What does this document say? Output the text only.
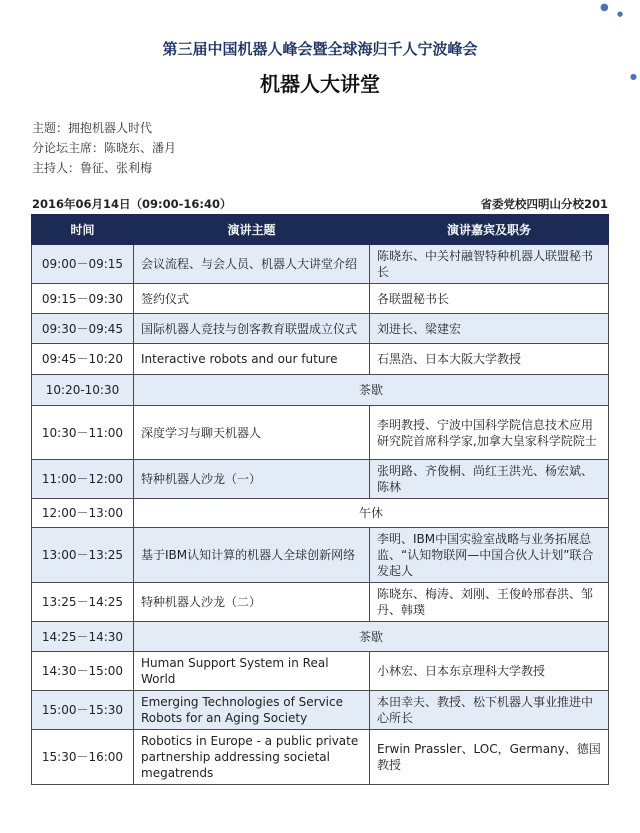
●
●
●
第三届中国机器人峰会暨全球海归千人宁波峰会
机器人大讲堂
主题：拥抱机器人时代
分论坛主席：陈晓东、潘月
主持人：鲁征、张利梅
2016年06月14日（09:00-16:40）	省委党校四明山分校201
时间	演讲主题	演讲嘉宾及职务
09:00－09:15	会议流程、与会人员、机器人大讲堂介绍	陈晓东、中关村融智特种机器人联盟秘书长
09:15－09:30	签约仪式	各联盟秘书长
09:30－09:45	国际机器人竞技与创客教育联盟成立仪式	刘进长、梁建宏
09:45－10:20	Interactive robots and our future	石黑浩、日本大阪大学教授
10:20-10:30	茶歇	
10:30－11:00	深度学习与聊天机器人	李明教授、宁波中国科学院信息技术应用研究院首席科学家,加拿大皇家科学院院士
11:00－12:00	特种机器人沙龙（一）	张明路、齐俊桐、尚红王洪光、杨宏斌、陈林
12:00－13:00	午休	
13:00－13:25	基于IBM认知计算的机器人全球创新网络	李明、IBM中国实验室战略与业务拓展总监、“认知物联网—中国合伙人计划”联合发起人
13:25－14:25	特种机器人沙龙（二）	陈晓东、梅涛、刘刚、王俊岭邢春洪、邹丹、韩璞
14:25－14:30	茶歇	
14:30－15:00	Human Support System in Real World	小林宏、日本东京理科大学教授
15:00－15:30	Emerging Technologies of Service Robots for an Aging Society	本田幸夫、教授、松下机器人事业推进中心所长
15:30－16:00	Robotics in Europe - a public private partnership addressing societal megatrends	Erwin Prassler、LOC，Germany、德国教授
